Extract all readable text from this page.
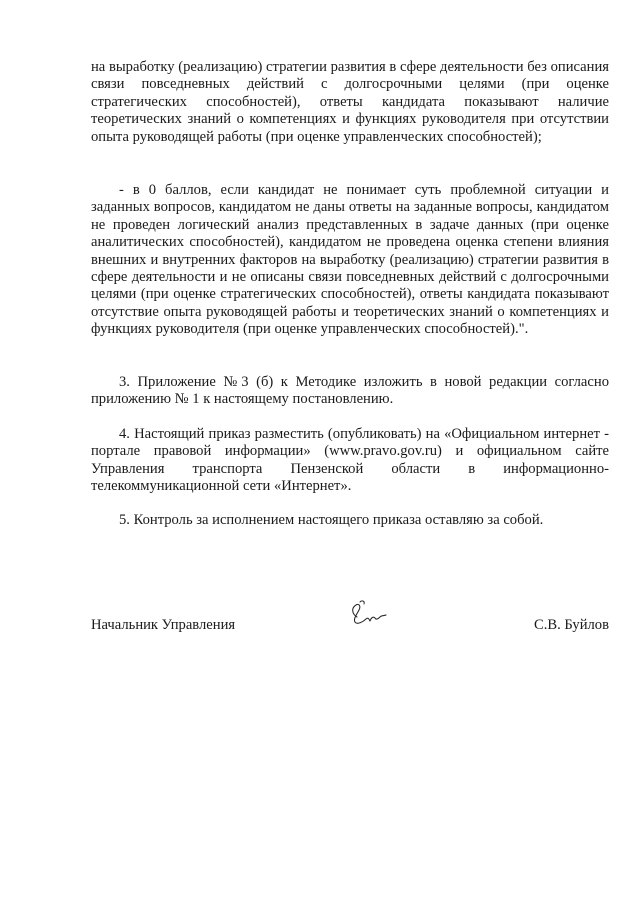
на выработку (реализацию) стратегии развития в сфере деятельности без описания связи повседневных действий с долгосрочными целями (при оценке стратегических способностей), ответы кандидата показывают наличие теоретических знаний о компетенциях и функциях руководителя при отсутствии опыта руководящей работы (при оценке управленческих способностей);

- в 0 баллов, если кандидат не понимает суть проблемной ситуации и заданных вопросов, кандидатом не даны ответы на заданные вопросы, кандидатом не проведен логический анализ представленных в задаче данных (при оценке аналитических способностей), кандидатом не проведена оценка степени влияния внешних и внутренних факторов на выработку (реализацию) стратегии развития в сфере деятельности и не описаны связи повседневных действий с долгосрочными целями (при оценке стратегических способностей), ответы кандидата показывают отсутствие опыта руководящей работы и теоретических знаний о компетенциях и функциях руководителя (при оценке управленческих способностей).".

3. Приложение №3 (б) к Методике изложить в новой редакции согласно приложению № 1 к настоящему постановлению.

4. Настоящий приказ разместить (опубликовать) на «Официальном интернет - портале правовой информации» (www.pravo.gov.ru) и официальном сайте Управления транспорта Пензенской области в информационно-телекоммуникационной сети «Интернет».

5. Контроль за исполнением настоящего приказа оставляю за собой.

Начальник Управления	С.В. Буйлов
